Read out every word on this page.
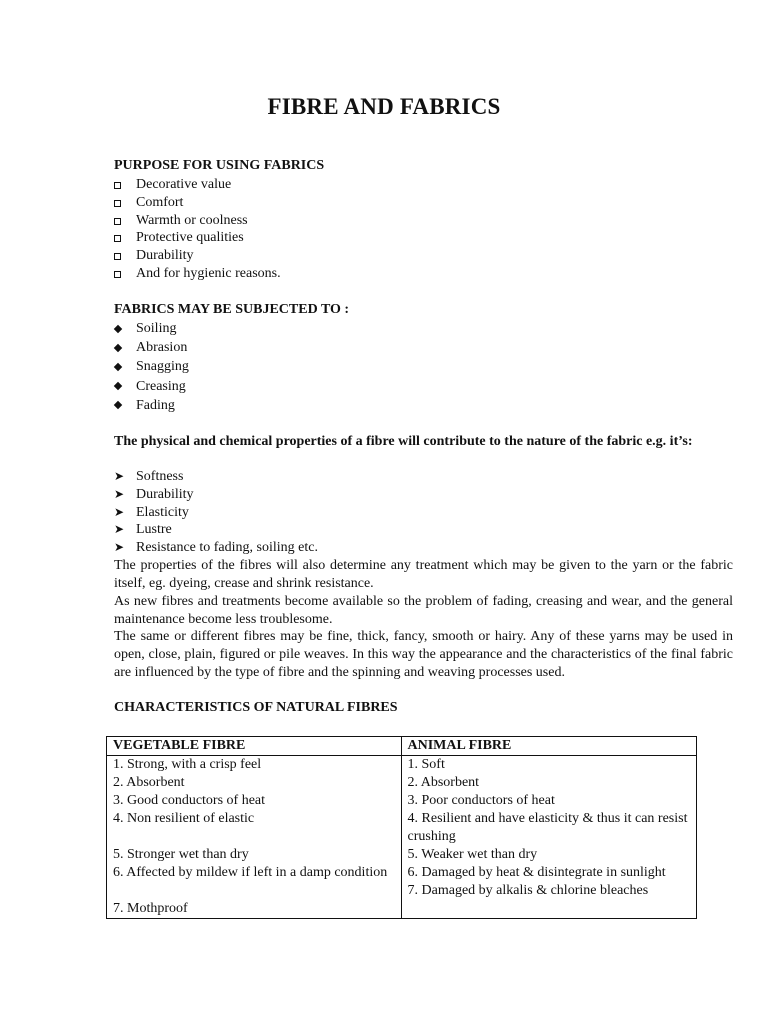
FIBRE AND FABRICS
PURPOSE FOR USING FABRICS
Decorative value
Comfort
Warmth or coolness
Protective qualities
Durability
And for hygienic reasons.
FABRICS MAY BE SUBJECTED TO :
Soiling
Abrasion
Snagging
Creasing
Fading
The physical and chemical properties of a fibre will contribute to the nature of the fabric e.g. it’s:
➤ Softness
➤ Durability
➤ Elasticity
➤ Lustre
➤ Resistance to fading, soiling etc.
The properties of the fibres will also determine any treatment which may be given to the yarn or the fabric itself, eg. dyeing, crease and shrink resistance.
As new fibres and treatments become available so the problem of fading, creasing and wear, and the general maintenance become less troublesome.
The same or different fibres may be fine, thick, fancy, smooth or hairy. Any of these yarns may be used in open, close, plain, figured or pile weaves. In this way the appearance and the characteristics of the final fabric are influenced by the type of fibre and the spinning and weaving processes used.
CHARACTERISTICS OF NATURAL FIBRES
VEGETABLE FIBRE	ANIMAL FIBRE
1. Strong, with a crisp feel	1. Soft
2. Absorbent	2. Absorbent
3. Good conductors of heat	3. Poor conductors of heat
4. Non resilient of elastic	4. Resilient and have elasticity & thus it can resist crushing
5. Stronger wet than dry	5. Weaker wet than dry
6. Affected by mildew if left in a damp condition	6. Damaged by heat & disintegrate in sunlight
	7. Damaged by alkalis & chlorine bleaches
7. Mothproof	
